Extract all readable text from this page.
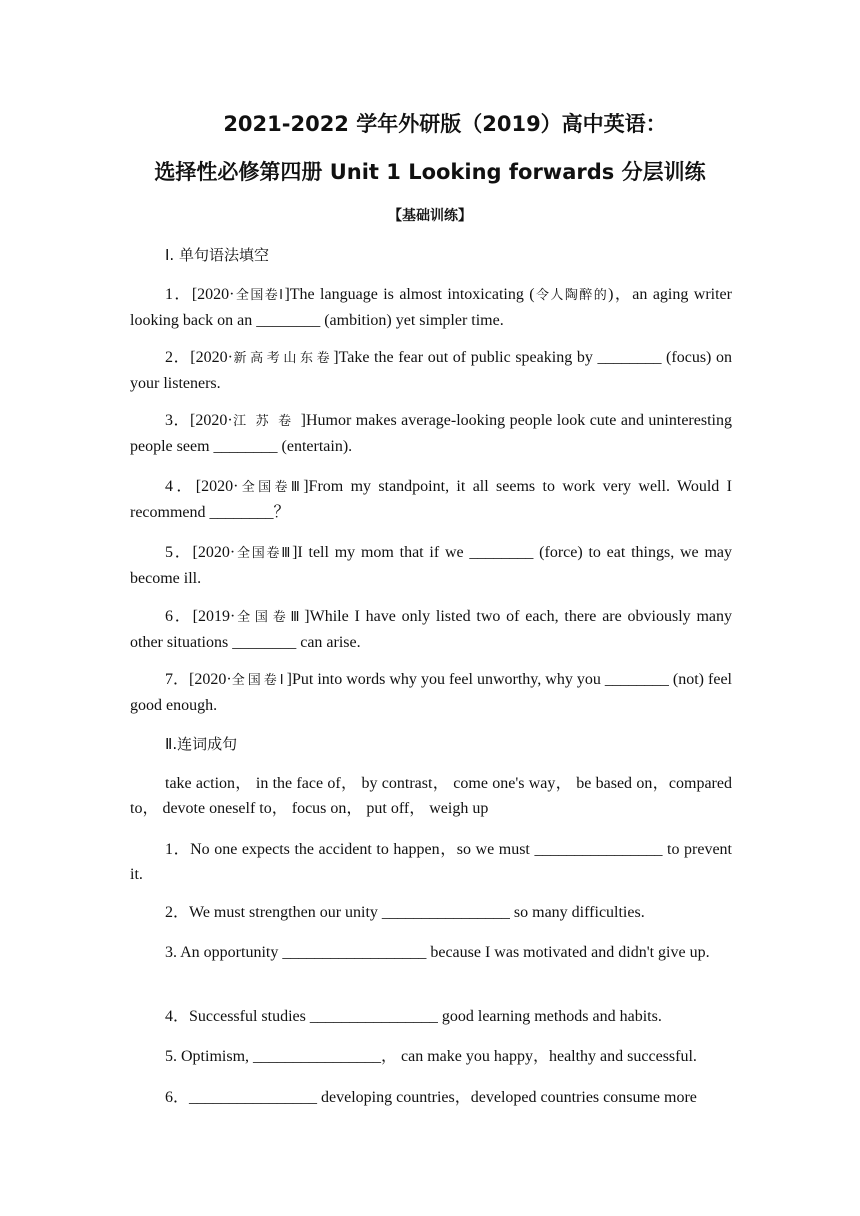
2021-2022 学年外研版（2019）高中英语：
选择性必修第四册 Unit 1 Looking forwards 分层训练
【基础训练】
Ⅰ. 单句语法填空
1．[2020·全国卷Ⅰ]The language is almost intoxicating (令人陶醉的)，an aging writer looking back on an ________ (ambition) yet simpler time.
2．[2020·新高考山东卷]Take the fear out of public speaking by ________ (focus) on your listeners.
3．[2020·江苏卷]Humor makes average-looking people look cute and uninteresting people seem ________ (entertain).
4．[2020·全国卷Ⅲ]From my standpoint, it all seems to work very well. Would I recommend ________？
5．[2020·全国卷Ⅲ]I tell my mom that if we ________ (force) to eat things, we may become ill.
6．[2019·全国卷Ⅲ]While I have only listed two of each, there are obviously many other situations ________ can arise.
7．[2020·全国卷Ⅰ]Put into words why you feel unworthy, why you ________ (not) feel good enough.
Ⅱ.连词成句
take action， in the face of， by contrast， come one's way， be based on，compared to， devote oneself to， focus on， put off， weigh up
1．No one expects the accident to happen，so we must ________________ to prevent it.
2．We must strengthen our unity ________________ so many difficulties.
3. An opportunity __________________ because I was motivated and didn't give up.
4．Successful studies ________________ good learning methods and habits.
5. Optimism, ________________， can make you happy，healthy and successful.
6．________________ developing countries，developed countries consume more
